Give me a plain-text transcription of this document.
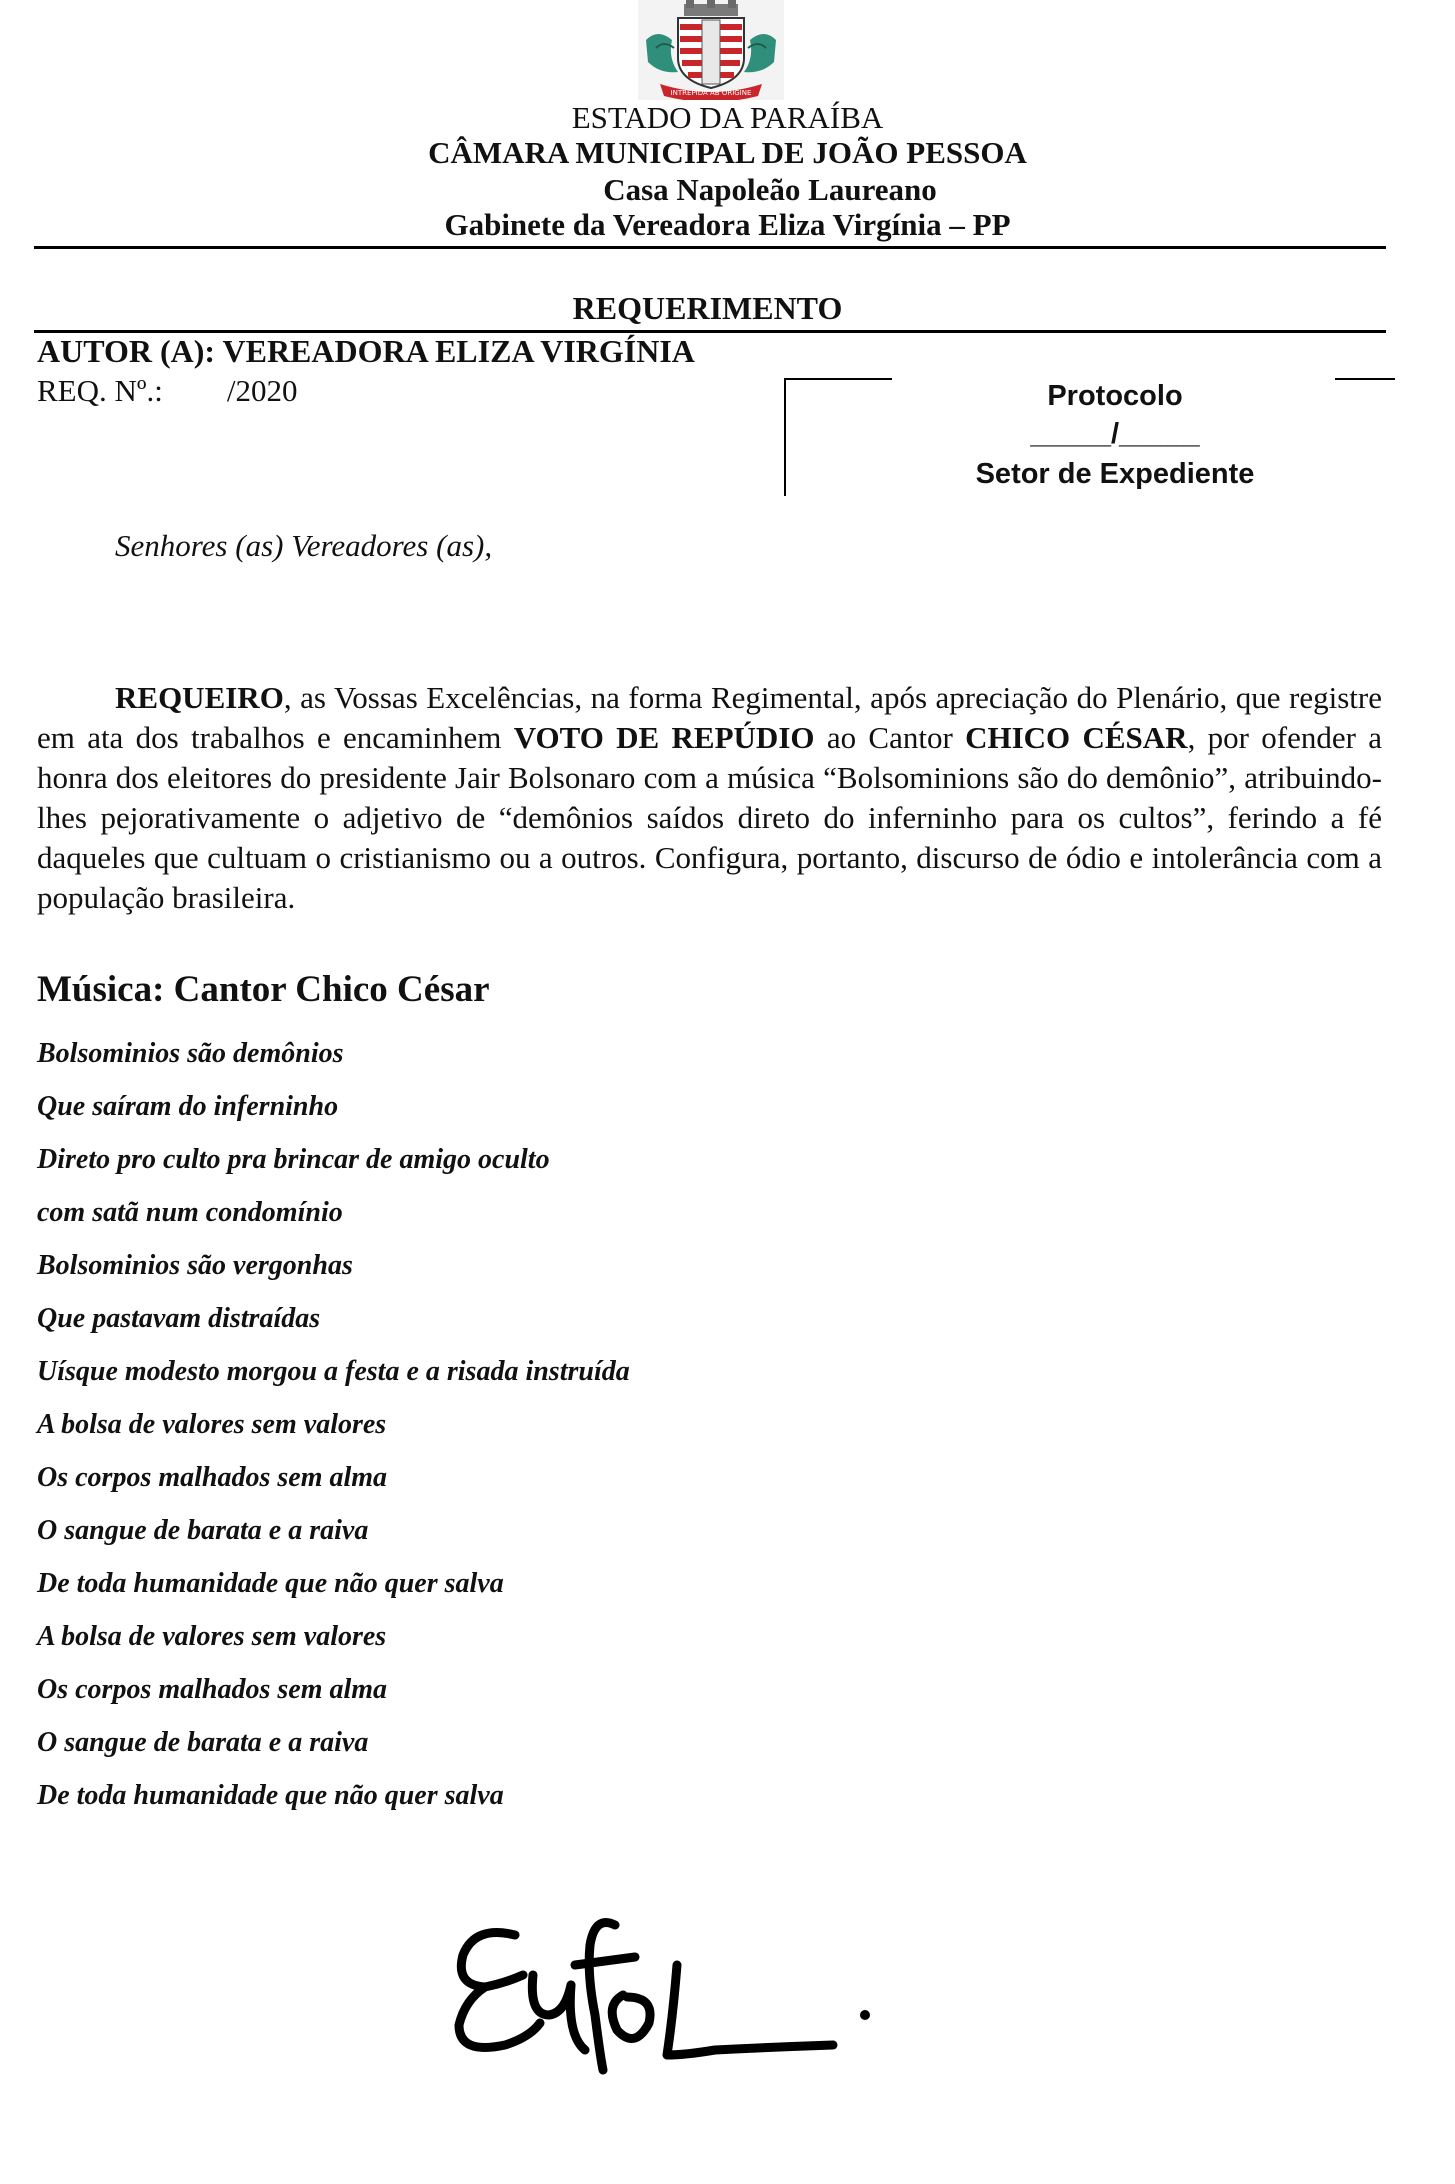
INTREPIDA AB ORIGINE
ESTADO DA PARAÍBA
CÂMARA MUNICIPAL DE JOÃO PESSOA
Casa Napoleão Laureano
Gabinete da Vereadora Eliza Virgínia – PP
REQUERIMENTO
AUTOR (A): VEREADORA ELIZA VIRGÍNIA
REQ. Nº.: /2020	Protocolo
_____/_____
Setor de Expediente
Senhores (as) Vereadores (as),
REQUEIRO, as Vossas Excelências, na forma Regimental, após apreciação do Plenário, que registre em ata dos trabalhos e encaminhem VOTO DE REPÚDIO ao Cantor CHICO CÉSAR, por ofender a honra dos eleitores do presidente Jair Bolsonaro com a música “Bolsominions são do demônio”, atribuindo-lhes pejorativamente o adjetivo de “demônios saídos direto do inferninho para os cultos”, ferindo a fé daqueles que cultuam o cristianismo ou a outros. Configura, portanto, discurso de ódio e intolerância com a população brasileira.
Música: Cantor Chico César
Bolsominios são demônios
Que saíram do inferninho
Direto pro culto pra brincar de amigo oculto
com satã num condomínio
Bolsominios são vergonhas
Que pastavam distraídas
Uísque modesto morgou a festa e a risada instruída
A bolsa de valores sem valores
Os corpos malhados sem alma
O sangue de barata e a raiva
De toda humanidade que não quer salva
A bolsa de valores sem valores
Os corpos malhados sem alma
O sangue de barata e a raiva
De toda humanidade que não quer salva
